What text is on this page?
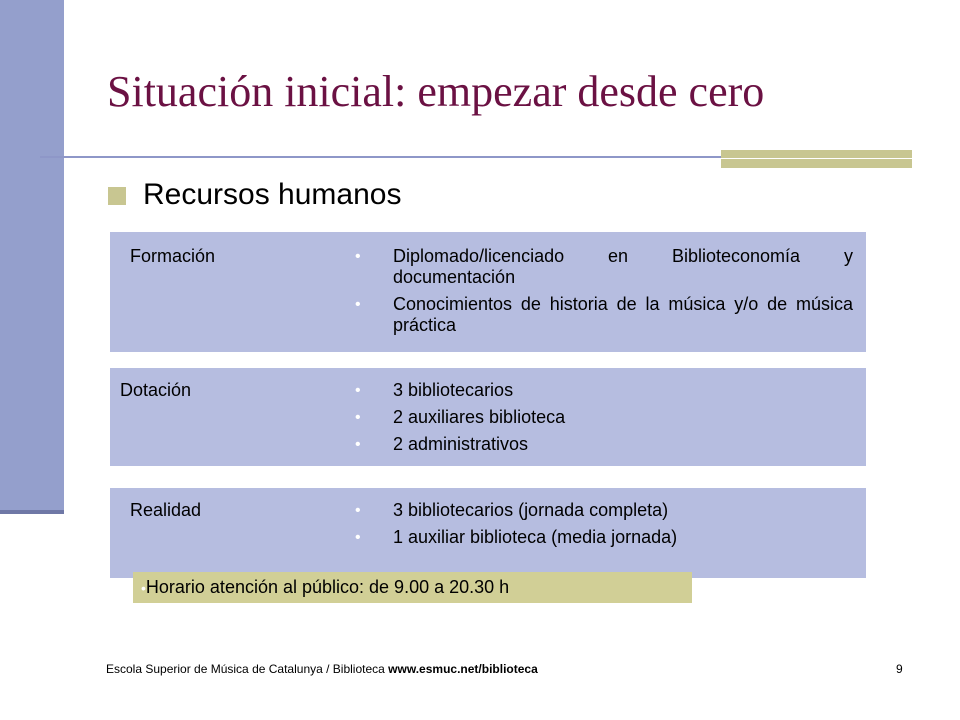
Situación inicial: empezar desde cero
Recursos humanos
Formación	• Diplomado/licenciado en Biblioteconomía y documentación
• Conocimientos de historia de la música y/o de música práctica
Dotación	• 3 bibliotecarios
• 2 auxiliares biblioteca
• 2 administrativos
Realidad	• 3 bibliotecarios (jornada completa)
• 1 auxiliar biblioteca (media jornada)
•Horario atención al público: de 9.00 a 20.30 h
Escola Superior de Música de Catalunya / Biblioteca www.esmuc.net/biblioteca	9
